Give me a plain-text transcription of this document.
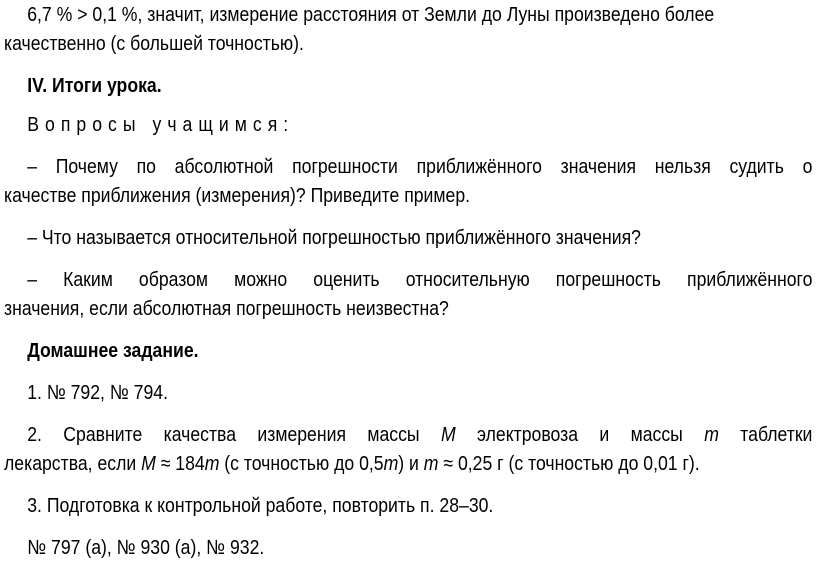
6,7 % > 0,1 %, значит, измерение расстояния от Земли до Луны произведено более

качественно (с большей точностью).

IV. Итоги урока.

Вопросы учащимся:

– Почему по абсолютной погрешности приближённого значения нельзя судить о

качестве приближения (измерения)? Приведите пример.

– Что называется относительной погрешностью приближённого значения?

– Каким образом можно оценить относительную погрешность приближённого

значения, если абсолютная погрешность неизвестна?

Домашнее задание.

1. № 792, № 794.

2. Сравните качества измерения массы M электровоза и массы m таблетки

лекарства, если M ≈ 184m (с точностью до 0,5m) и m ≈ 0,25 г (с точностью до 0,01 г).

3. Подготовка к контрольной работе, повторить п. 28–30.

№ 797 (а), № 930 (а), № 932.
